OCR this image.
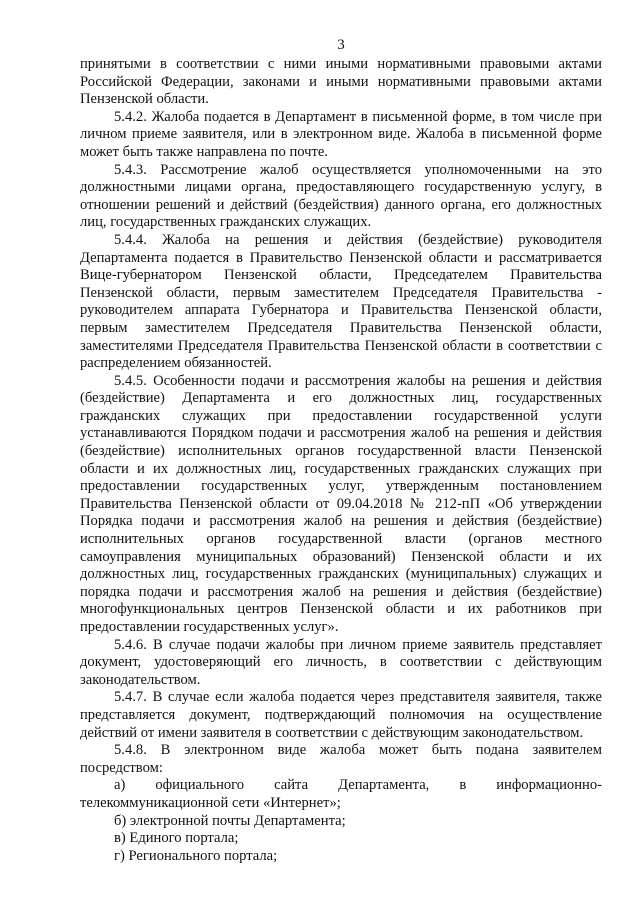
3

принятыми в соответствии с ними иными нормативными правовыми актами Российской Федерации, законами и иными нормативными правовыми актами Пензенской области.

5.4.2. Жалоба подается в Департамент в письменной форме, в том числе при личном приеме заявителя, или в электронном виде. Жалоба в письменной форме может быть также направлена по почте.

5.4.3. Рассмотрение жалоб осуществляется уполномоченными на это должностными лицами органа, предоставляющего государственную услугу, в отношении решений и действий (бездействия) данного органа, его должностных лиц, государственных гражданских служащих.

5.4.4. Жалоба на решения и действия (бездействие) руководителя Департамента подается в Правительство Пензенской области и рассматривается Вице-губернатором Пензенской области, Председателем Правительства Пензенской области, первым заместителем Председателя Правительства - руководителем аппарата Губернатора и Правительства Пензенской области, первым заместителем Председателя Правительства Пензенской области, заместителями Председателя Правительства Пензенской области в соответствии с распределением обязанностей.

5.4.5. Особенности подачи и рассмотрения жалобы на решения и действия (бездействие) Департамента и его должностных лиц, государственных гражданских служащих при предоставлении государственной услуги устанавливаются Порядком подачи и рассмотрения жалоб на решения и действия (бездействие) исполнительных органов государственной власти Пензенской области и их должностных лиц, государственных гражданских служащих при предоставлении государственных услуг, утвержденным постановлением Правительства Пензенской области от 09.04.2018 № 212-пП «Об утверждении Порядка подачи и рассмотрения жалоб на решения и действия (бездействие) исполнительных органов государственной власти (органов местного самоуправления муниципальных образований) Пензенской области и их должностных лиц, государственных гражданских (муниципальных) служащих и порядка подачи и рассмотрения жалоб на решения и действия (бездействие) многофункциональных центров Пензенской области и их работников при предоставлении государственных услуг».

5.4.6. В случае подачи жалобы при личном приеме заявитель представляет документ, удостоверяющий его личность, в соответствии с действующим законодательством.

5.4.7. В случае если жалоба подается через представителя заявителя, также представляется документ, подтверждающий полномочия на осуществление действий от имени заявителя в соответствии с действующим законодательством.

5.4.8. В электронном виде жалоба может быть подана заявителем посредством:

а) официального сайта Департамента, в информационно-телекоммуникационной сети «Интернет»;

б) электронной почты Департамента;

в) Единого портала;

г) Регионального портала;
